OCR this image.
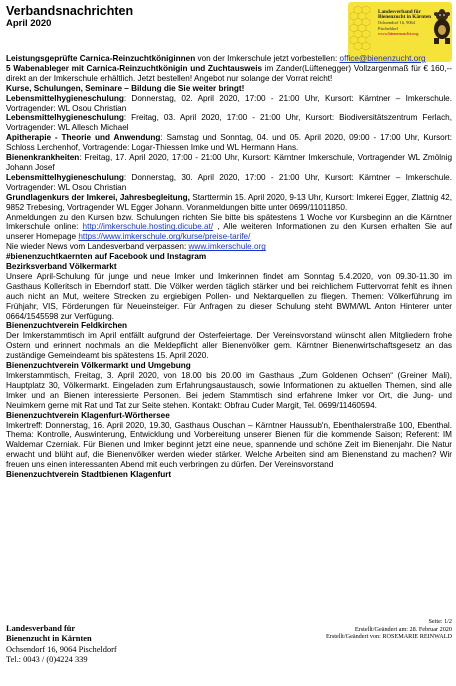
Verbandsnachrichten
April 2020
Landesverband für Bienenzucht in Kärnten
Ochsendorf 16, 9064 Pischeldorf
www.bienenzucht.org

Leistungsgeprüfte Carnica-Reinzuchtköniginnen von der Imkerschule jetzt vorbestellen: office@bienenzucht.org

5 Wabenableger mit Carnica-Reinzuchtkönigin und Zuchtausweis im Zander(Lüftenegger) Vollzargenmaß für € 160,-- direkt an der Imkerschule erhältlich. Jetzt bestellen! Angebot nur solange der Vorrat reicht!

Kurse, Schulungen, Seminare – Bildung die Sie weiter bringt!

Lebensmittelhygieneschulung: Donnerstag, 02. April 2020, 17:00 - 21:00 Uhr, Kursort: Kärntner – Imkerschule. Vortragender: WL Osou Christian

Lebensmittelhygieneschulung: Freitag, 03. April 2020, 17:00 - 21:00 Uhr, Kursort: Biodiversitätszentrum Ferlach, Vortragender: WL Allesch Michael

Apitherapie - Theorie und Anwendung: Samstag und Sonntag, 04. und 05. April 2020, 09:00 - 17:00 Uhr, Kursort: Schloss Lerchenhof, Vortragende: Logar-Thiessen Imke und WL Hermann Hans.

Bienenkrankheiten: Freitag, 17. April 2020, 17:00 - 21:00 Uhr, Kursort: Kärntner Imkerschule, Vortragender WL Zmölnig Johann Josef

Lebensmittelhygieneschulung: Donnerstag, 30. April 2020, 17:00 - 21:00 Uhr, Kursort: Kärntner – Imkerschule. Vortragender: WL Osou Christian

Grundlagenkurs der Imkerei, Jahresbegleitung, Starttermin 15. April 2020, 9-13 Uhr, Kursort: Imkerei Egger, Zlattnig 42, 9852 Trebesing, Vortragender WL Egger Johann. Voranmeldungen bitte unter 0699/11011850.

Anmeldungen zu den Kursen bzw. Schulungen richten Sie bitte bis spätestens 1 Woche vor Kursbeginn an die Kärntner Imkerschule online: http://imkerschule.hosting.dicube.at/ , Alle weiteren Informationen zu den Kursen erhalten Sie auf unserer Homepage https://www.imkerschule.org/kurse/preise-tarife/

Nie wieder News vom Landesverband verpassen: www.imkerschule.org

#bienenzuchtkaernten auf Facebook und Instagram

Bezirksverband Völkermarkt

Unsere April-Schulung für junge und neue Imker und Imkerinnen findet am Sonntag 5.4.2020, von 09.30-11.30 im Gasthaus Kolleritsch in Eberndorf statt. Die Völker werden täglich stärker und bei reichlichem Futtervorrat fehlt es ihnen auch nicht an Mut, weitere Strecken zu ergiebigen Pollen- und Nektarquellen zu fliegen. Themen: Völkerführung im Frühjahr, VIS, Förderungen für Neueinsteiger. Für Anfragen zu dieser Schulung steht BWM/WL Anton Hinterer unter 0664/1545598 zur Verfügung.

Bienenzuchtverein Feldkirchen

Der Imkerstammtisch im April entfällt aufgrund der Osterfeiertage. Der Vereinsvorstand wünscht allen Mitgliedern frohe Ostern und erinnert nochmals an die Meldepflicht aller Bienenvölker gem. Kärntner Bienenwirtschaftsgesetz an das zuständige Gemeindeamt bis spätestens 15. April 2020.

Bienenzuchtverein Völkermarkt und Umgebung

Imkerstammtisch, Freitag, 3. April 2020, von 18.00 bis 20.00 im Gasthaus „Zum Goldenen Ochsen“ (Greiner Mali), Hauptplatz 30, Völkermarkt. Eingeladen zum Erfahrungsaustausch, sowie Informationen zu aktuellen Themen, sind alle Imker und an Bienen interessierte Personen. Bei jedem Stammtisch sind erfahrene Imker vor Ort, die Jung- und Neuimkern gerne mit Rat und Tat zur Seite stehen. Kontakt: Obfrau Cuder Margit, Tel. 0699/11460594.

Bienenzuchtverein Klagenfurt-Wörthersee

Imkertreff: Donnerstag, 16. April 2020, 19.30, Gasthaus Ouschan – Kärntner Haussub'n, Ebenthalerstraße 100, Ebenthal. Thema: Kontrolle, Auswinterung, Entwicklung und Vorbereitung unserer Bienen für die kommende Saison; Referent: IM Waldemar Czerniak. Für Bienen und Imker beginnt jetzt eine neue, spannende und schöne Zeit im Bienenjahr. Die Natur erwacht und blüht auf, die Bienenvölker werden wieder stärker. Welche Arbeiten sind am Bienenstand zu machen? Wir freuen uns einen interessanten Abend mit euch verbringen zu dürfen. Der Vereinsvorstand

Bienenzuchtverein Stadtbienen Klagenfurt

Landesverband für
Bienenzucht in Kärnten
Ochsendorf 16, 9064 Pischeldorf
Tel.: 0043 / (0)4224 339
Seite: 1/2
Erstellt/Geändert am: 28. Februar 2020
Erstellt/Geändert von: ROSEMARIE REINWALD
